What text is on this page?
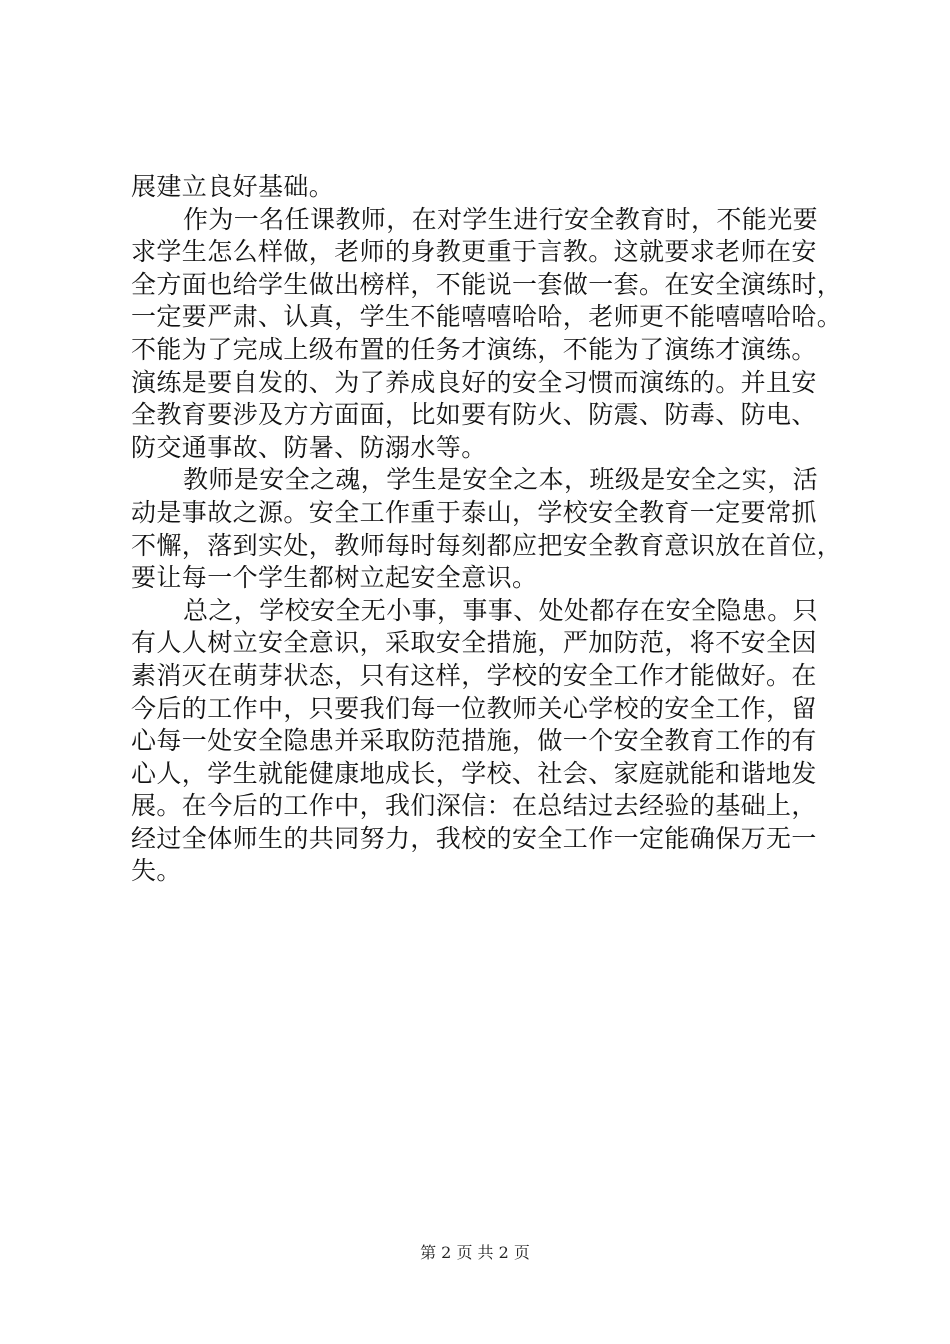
展建立良好基础。
作为一名任课教师，在对学生进行安全教育时，不能光要
求学生怎么样做，老师的身教更重于言教。这就要求老师在安
全方面也给学生做出榜样，不能说一套做一套。在安全演练时，
一定要严肃、认真，学生不能嘻嘻哈哈，老师更不能嘻嘻哈哈。
不能为了完成上级布置的任务才演练，不能为了演练才演练。
演练是要自发的、为了养成良好的安全习惯而演练的。并且安
全教育要涉及方方面面，比如要有防火、防震、防毒、防电、
防交通事故、防暑、防溺水等。
教师是安全之魂，学生是安全之本，班级是安全之实，活
动是事故之源。安全工作重于泰山，学校安全教育一定要常抓
不懈，落到实处，教师每时每刻都应把安全教育意识放在首位，
要让每一个学生都树立起安全意识。
总之，学校安全无小事，事事、处处都存在安全隐患。只
有人人树立安全意识，采取安全措施，严加防范，将不安全因
素消灭在萌芽状态，只有这样，学校的安全工作才能做好。在
今后的工作中，只要我们每一位教师关心学校的安全工作，留
心每一处安全隐患并采取防范措施，做一个安全教育工作的有
心人，学生就能健康地成长，学校、社会、家庭就能和谐地发
展。在今后的工作中，我们深信：在总结过去经验的基础上，
经过全体师生的共同努力，我校的安全工作一定能确保万无一
失。
第 2 页 共 2 页
